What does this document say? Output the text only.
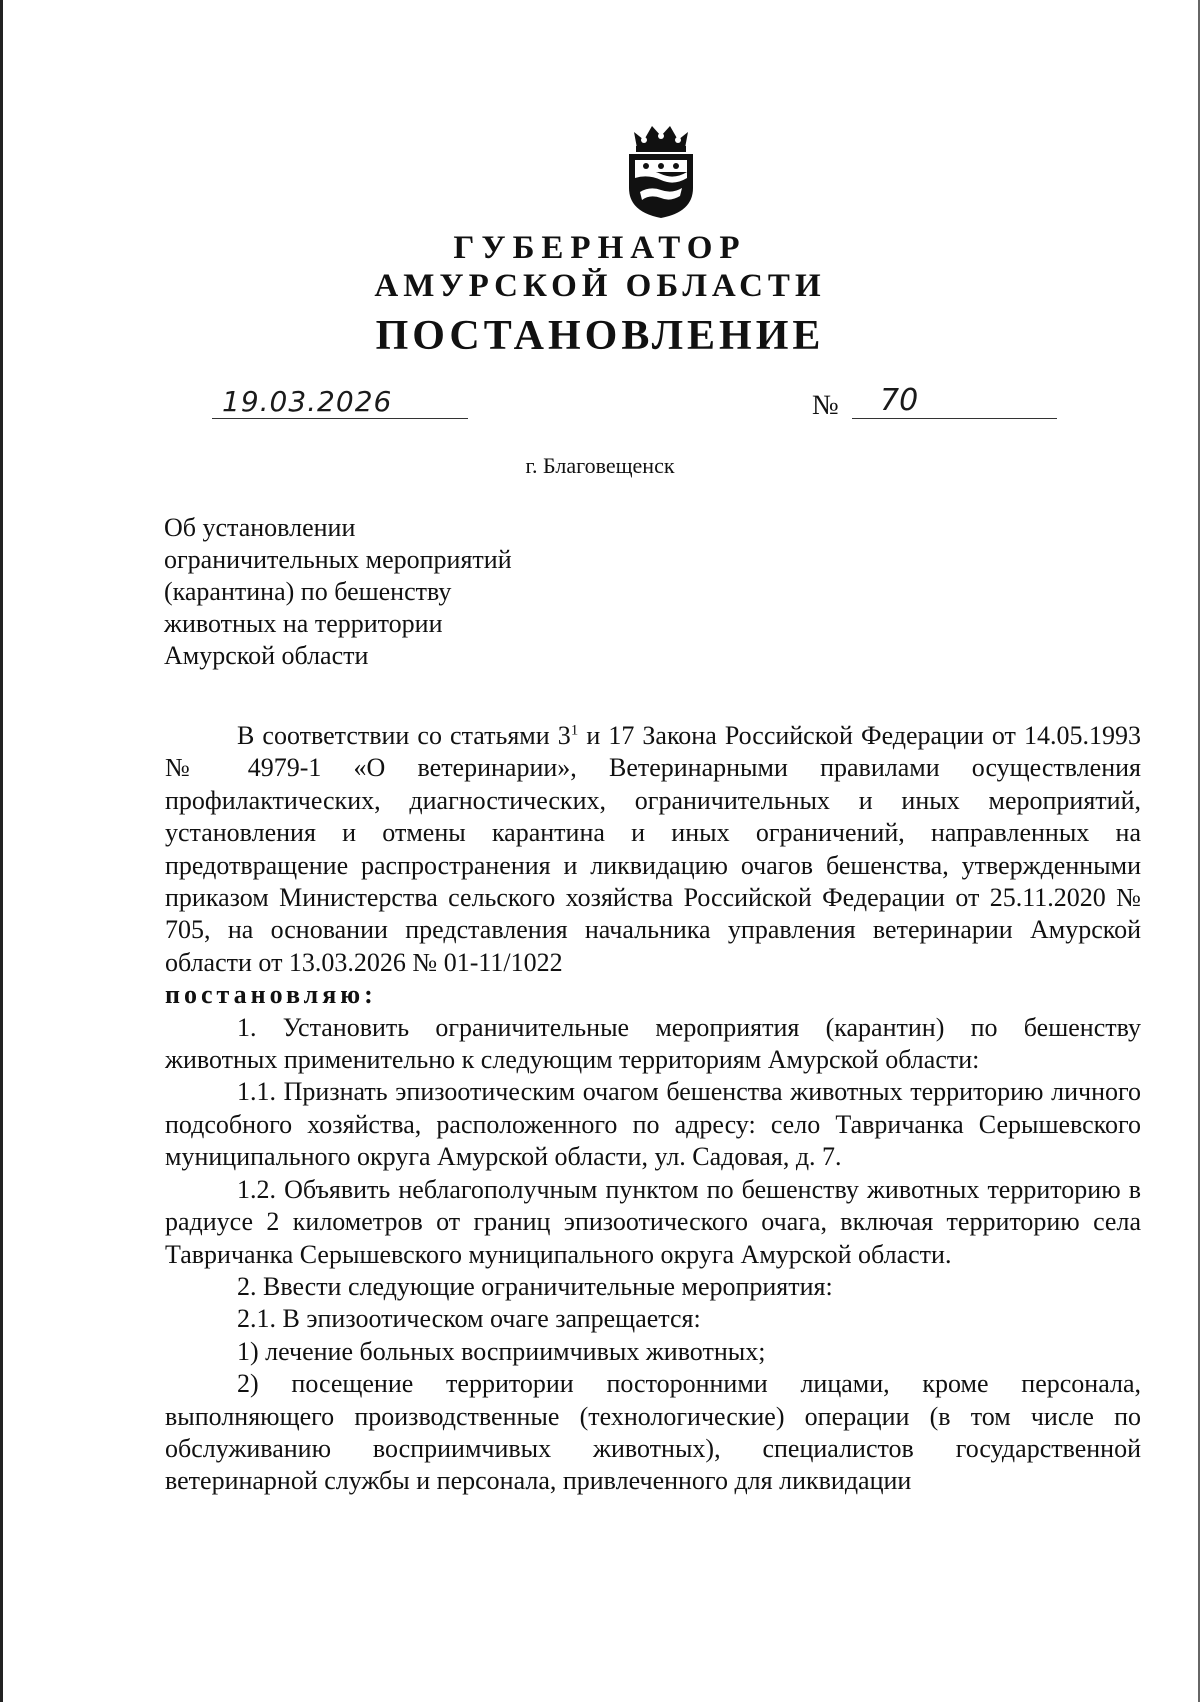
ГУБЕРНАТОР
АМУРСКОЙ ОБЛАСТИ
ПОСТАНОВЛЕНИЕ
19.03.2026	№ 70
г. Благовещенск
Об установлении
ограничительных мероприятий
(карантина) по бешенству
животных на территории
Амурской области

В соответствии со статьями $3^1$ и 17 Закона Российской Федерации от 14.05.1993 № 4979-1 «О ветеринарии», Ветеринарными правилами осуществления профилактических, диагностических, ограничительных и иных мероприятий, установления и отмены карантина и иных ограничений, направленных на предотвращение распространения и ликвидацию очагов бешенства, утвержденными приказом Министерства сельского хозяйства Российской Федерации от 25.11.2020 № 705, на основании представления начальника управления ветеринарии Амурской области от 13.03.2026 № 01-11/1022

постановляю:

1. Установить ограничительные мероприятия (карантин) по бешенству животных применительно к следующим территориям Амурской области:

1.1. Признать эпизоотическим очагом бешенства животных территорию личного подсобного хозяйства, расположенного по адресу: село Тавричанка Серышевского муниципального округа Амурской области, ул. Садовая, д. 7.

1.2. Объявить неблагополучным пунктом по бешенству животных территорию в радиусе 2 километров от границ эпизоотического очага, включая территорию села Тавричанка Серышевского муниципального округа Амурской области.

2. Ввести следующие ограничительные мероприятия:

2.1. В эпизоотическом очаге запрещается:

1) лечение больных восприимчивых животных;

2) посещение территории посторонними лицами, кроме персонала, выполняющего производственные (технологические) операции (в том числе по обслуживанию восприимчивых животных), специалистов государственной ветеринарной службы и персонала, привлеченного для ликвидации
